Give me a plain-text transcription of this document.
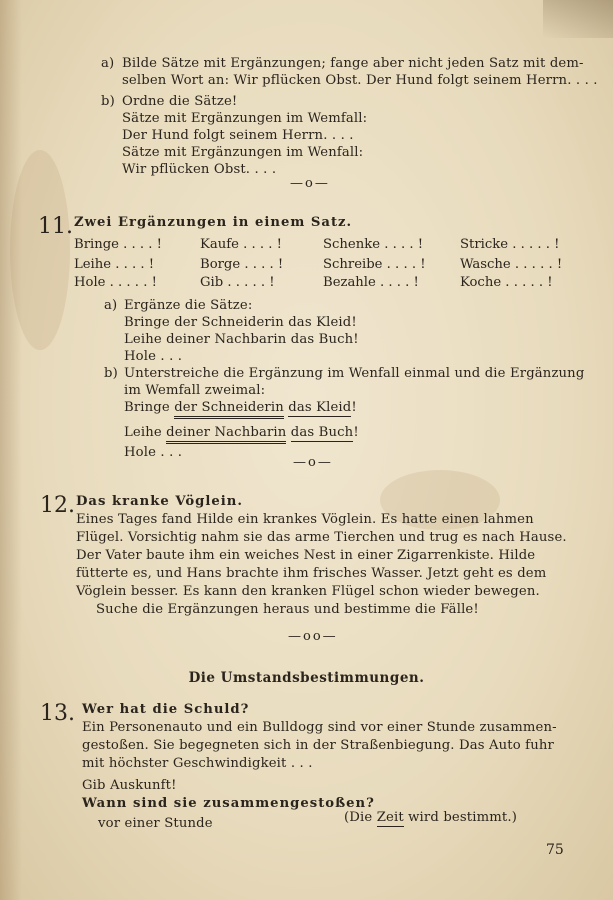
a) Bilde Sätze mit Ergänzungen; fange aber nicht jeden Satz mit dem-
selben Wort an: Wir pflücken Obst. Der Hund folgt seinem Herrn. . . .
b) Ordne die Sätze!
Sätze mit Ergänzungen im Wemfall:
Der Hund folgt seinem Herrn. . . .
Sätze mit Ergänzungen im Wenfall:
Wir pflücken Obst. . . .
—o—
11. Zwei Ergänzungen in einem Satz.
Bringe . . . . !	Kaufe . . . . !	Schenke . . . . !	Stricke . . . . . !
Leihe . . . . !	Borge . . . . !	Schreibe . . . . !	Wasche . . . . . !
Hole . . . . . !	Gib . . . . . !	Bezahle . . . . !	Koche . . . . . !
a) Ergänze die Sätze:
Bringe der Schneiderin das Kleid!
Leihe deiner Nachbarin das Buch!
Hole . . .
b) Unterstreiche die Ergänzung im Wenfall einmal und die Ergänzung
im Wemfall zweimal:
Bringe der Schneiderin das Kleid!
Leihe deiner Nachbarin das Buch!
Hole . . .
—o—
12. Das kranke Vöglein.
Eines Tages fand Hilde ein krankes Vöglein. Es hatte einen lahmen
Flügel. Vorsichtig nahm sie das arme Tierchen und trug es nach Hause.
Der Vater baute ihm ein weiches Nest in einer Zigarrenkiste. Hilde
fütterte es, und Hans brachte ihm frisches Wasser. Jetzt geht es dem
Vöglein besser. Es kann den kranken Flügel schon wieder bewegen.
Suche die Ergänzungen heraus und bestimme die Fälle!
—oo—
Die Umstandsbestimmungen.
13. Wer hat die Schuld?
Ein Personenauto und ein Bulldogg sind vor einer Stunde zusammen-
gestoßen. Sie begegneten sich in der Straßenbiegung. Das Auto fuhr
mit höchster Geschwindigkeit . . .
Gib Auskunft!
Wann sind sie zusammengestoßen?
vor einer Stunde	(Die Zeit wird bestimmt.)
75
